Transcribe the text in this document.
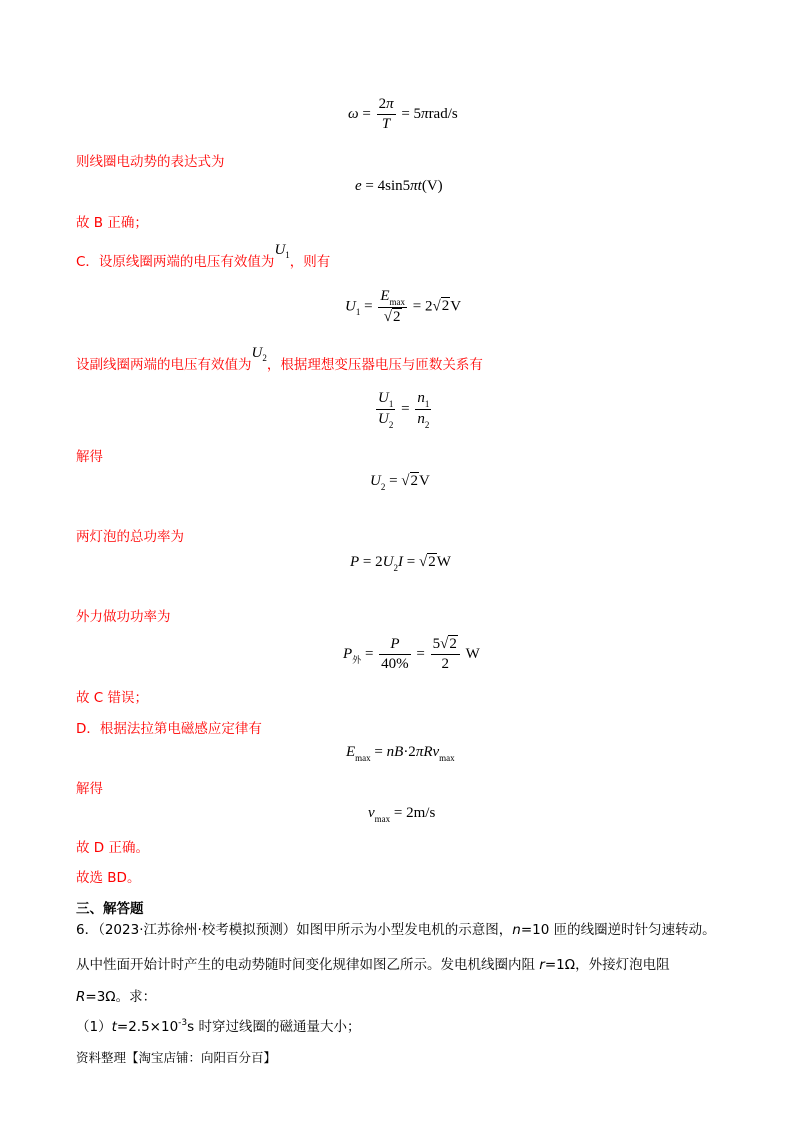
$\omega = \frac{2\pi}{T} = 5\pi rad/s$
则线圈电动势的表达式为
e = 4sin5πt(V)
故 B 正确；
C．设原线圈两端的电压有效值为$U^1$，则有
$U_1 = \frac{E_{max}}{√2} = 2√2V$
设副线圈两端的电压有效值为$U^2$，根据理想变压器电压与匝数关系有
$\frac{U_1}{U_2} = \frac{n_1}{n_2}$
解得
$U_2 = √2V$
两灯泡的总功率为
$P = 2U_2I = √2W$
外力做功功率为
$P_外 = \frac{P}{40\%} = \frac{5√2}{2}$ W
故 C 错误；
D．根据法拉第电磁感应定律有
$E_{max} = nB\cdot 2\pi Rv_{max}$
解得
$v_{max} = 2m/s$
故 D 正确。
故选 BD。
三、解答题
6．（2023·江苏徐州·校考模拟预测）如图甲所示为小型发电机的示意图，n=10 匝的线圈逆时针匀速转动。
从中性面开始计时产生的电动势随时间变化规律如图乙所示。发电机线圈内阻 r=1Ω，外接灯泡电阻
R=3Ω。求：
$(1)t=2.5\times 10^{-3}s$ 时穿过线圈的磁通量大小；
资料整理【淘宝店铺：向阳百分百】
